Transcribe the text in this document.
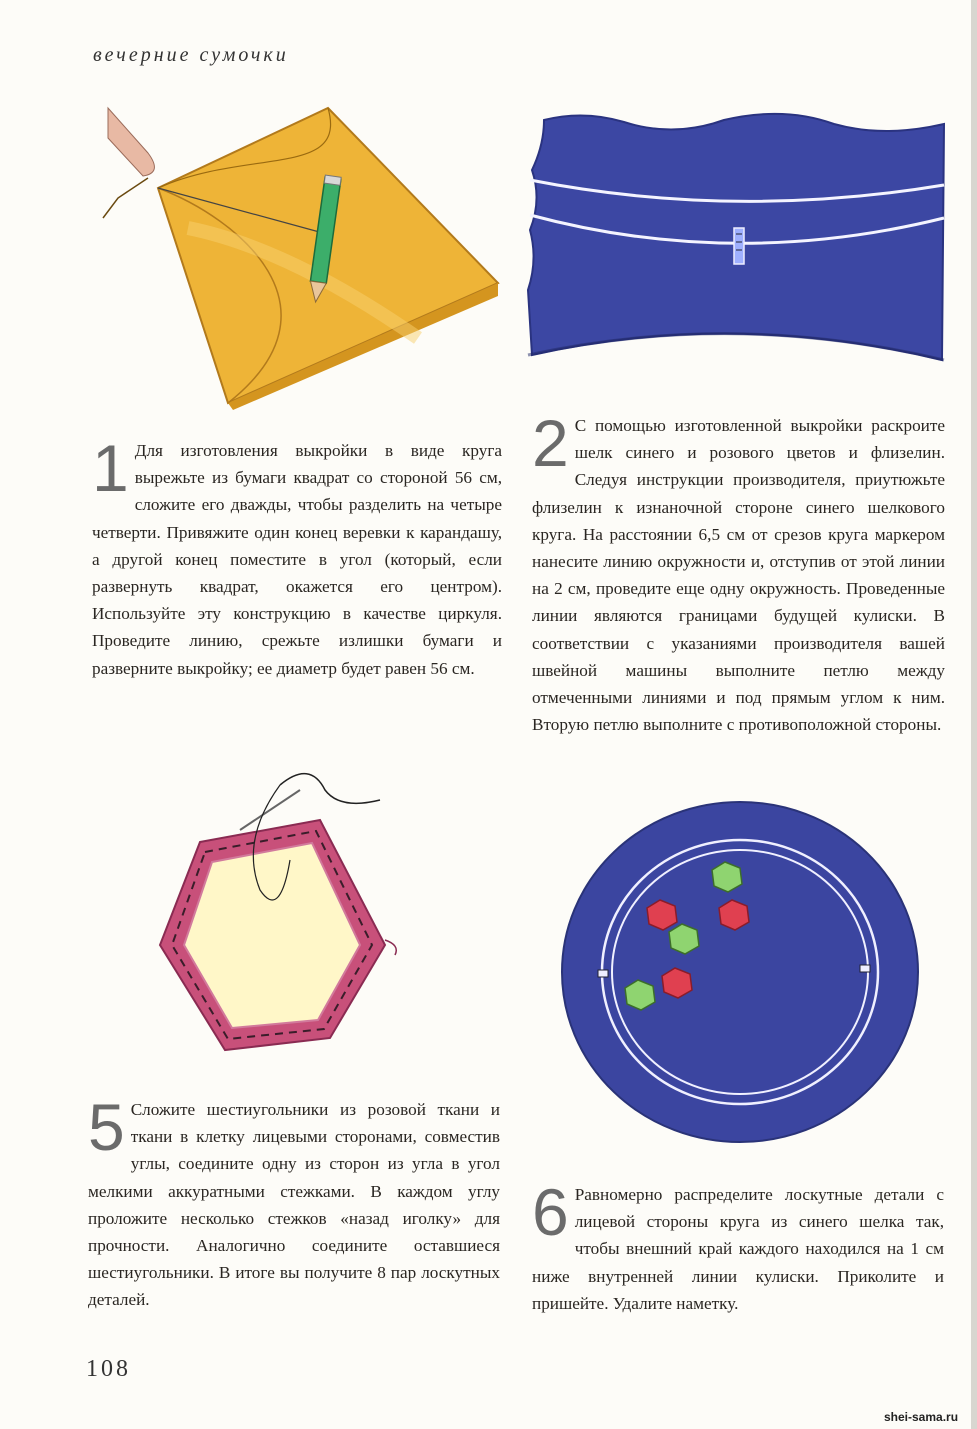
вечерние сумочки
1 Для изготовления выкройки в виде круга вырежьте из бумаги квадрат со стороной 56 см, сложите его дважды, чтобы разделить на четыре четверти. Привяжите один конец веревки к карандашу, а другой конец поместите в угол (который, если развернуть квадрат, окажется его центром). Используйте эту конструкцию в качестве циркуля. Проведите линию, срежьте излишки бумаги и разверните выкройку; ее диаметр будет равен 56 см.
2 С помощью изготовленной выкройки раскроите шелк синего и розового цветов и флизелин. Следуя инструкции производителя, приутюжьте флизелин к изнаночной стороне синего шелкового круга. На расстоянии 6,5 см от срезов круга маркером нанесите линию окружности и, отступив от этой линии на 2 см, проведите еще одну окружность. Проведенные линии являются границами будущей кулиски. В соответствии с указаниями производителя вашей швейной машины выполните петлю между отмеченными линиями и под прямым углом к ним. Вторую петлю выполните с противоположной стороны.
5 Сложите шестиугольники из розовой ткани и ткани в клетку лицевыми сторонами, совместив углы, соедините одну из сторон из угла в угол мелкими аккуратными стежками. В каждом углу проложите несколько стежков «назад иголку» для прочности. Аналогично соедините оставшиеся шестиугольники. В итоге вы получите 8 пар лоскутных деталей.
6 Равномерно распределите лоскутные детали с лицевой стороны круга из синего шелка так, чтобы внешний край каждого находился на 1 см ниже внутренней линии кулиски. Приколите и пришейте. Удалите наметку.
108
shei-sama.ru
